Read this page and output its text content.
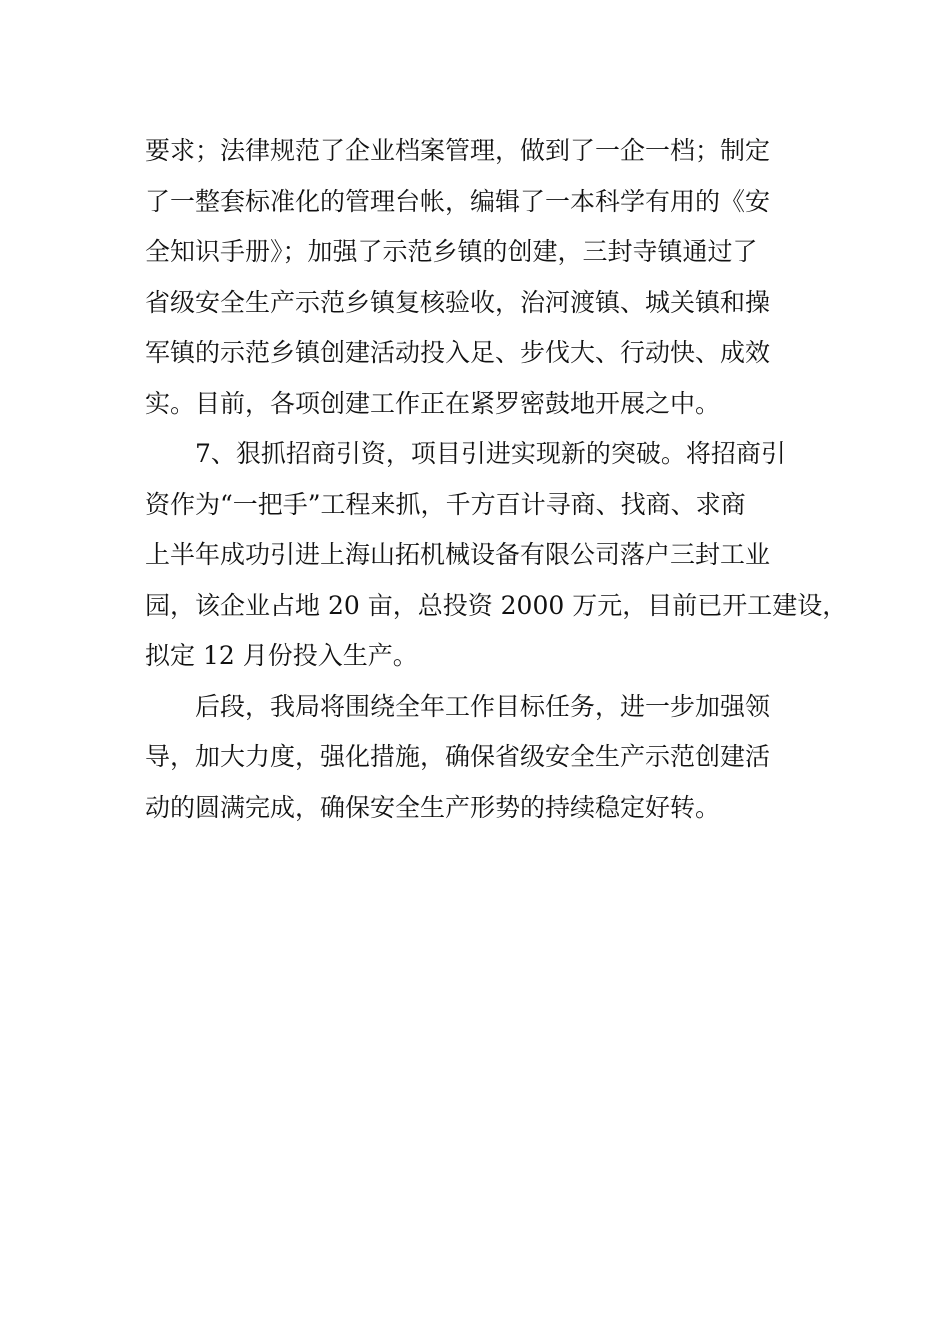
要求；法律规范了企业档案管理，做到了一企一档；制定
了一整套标准化的管理台帐，编辑了一本科学有用的《安
全知识手册》；加强了示范乡镇的创建，三封寺镇通过了
省级安全生产示范乡镇复核验收，治河渡镇、城关镇和操
军镇的示范乡镇创建活动投入足、步伐大、行动快、成效
实。目前，各项创建工作正在紧罗密鼓地开展之中。
7、狠抓招商引资，项目引进实现新的突破。将招商引
资作为“一把手”工程来抓，千方百计寻商、找商、求商
上半年成功引进上海山拓机械设备有限公司落户三封工业
园，该企业占地 20 亩，总投资 2000 万元，目前已开工建设，
拟定 12 月份投入生产。
后段，我局将围绕全年工作目标任务，进一步加强领
导，加大力度，强化措施，确保省级安全生产示范创建活
动的圆满完成，确保安全生产形势的持续稳定好转。
